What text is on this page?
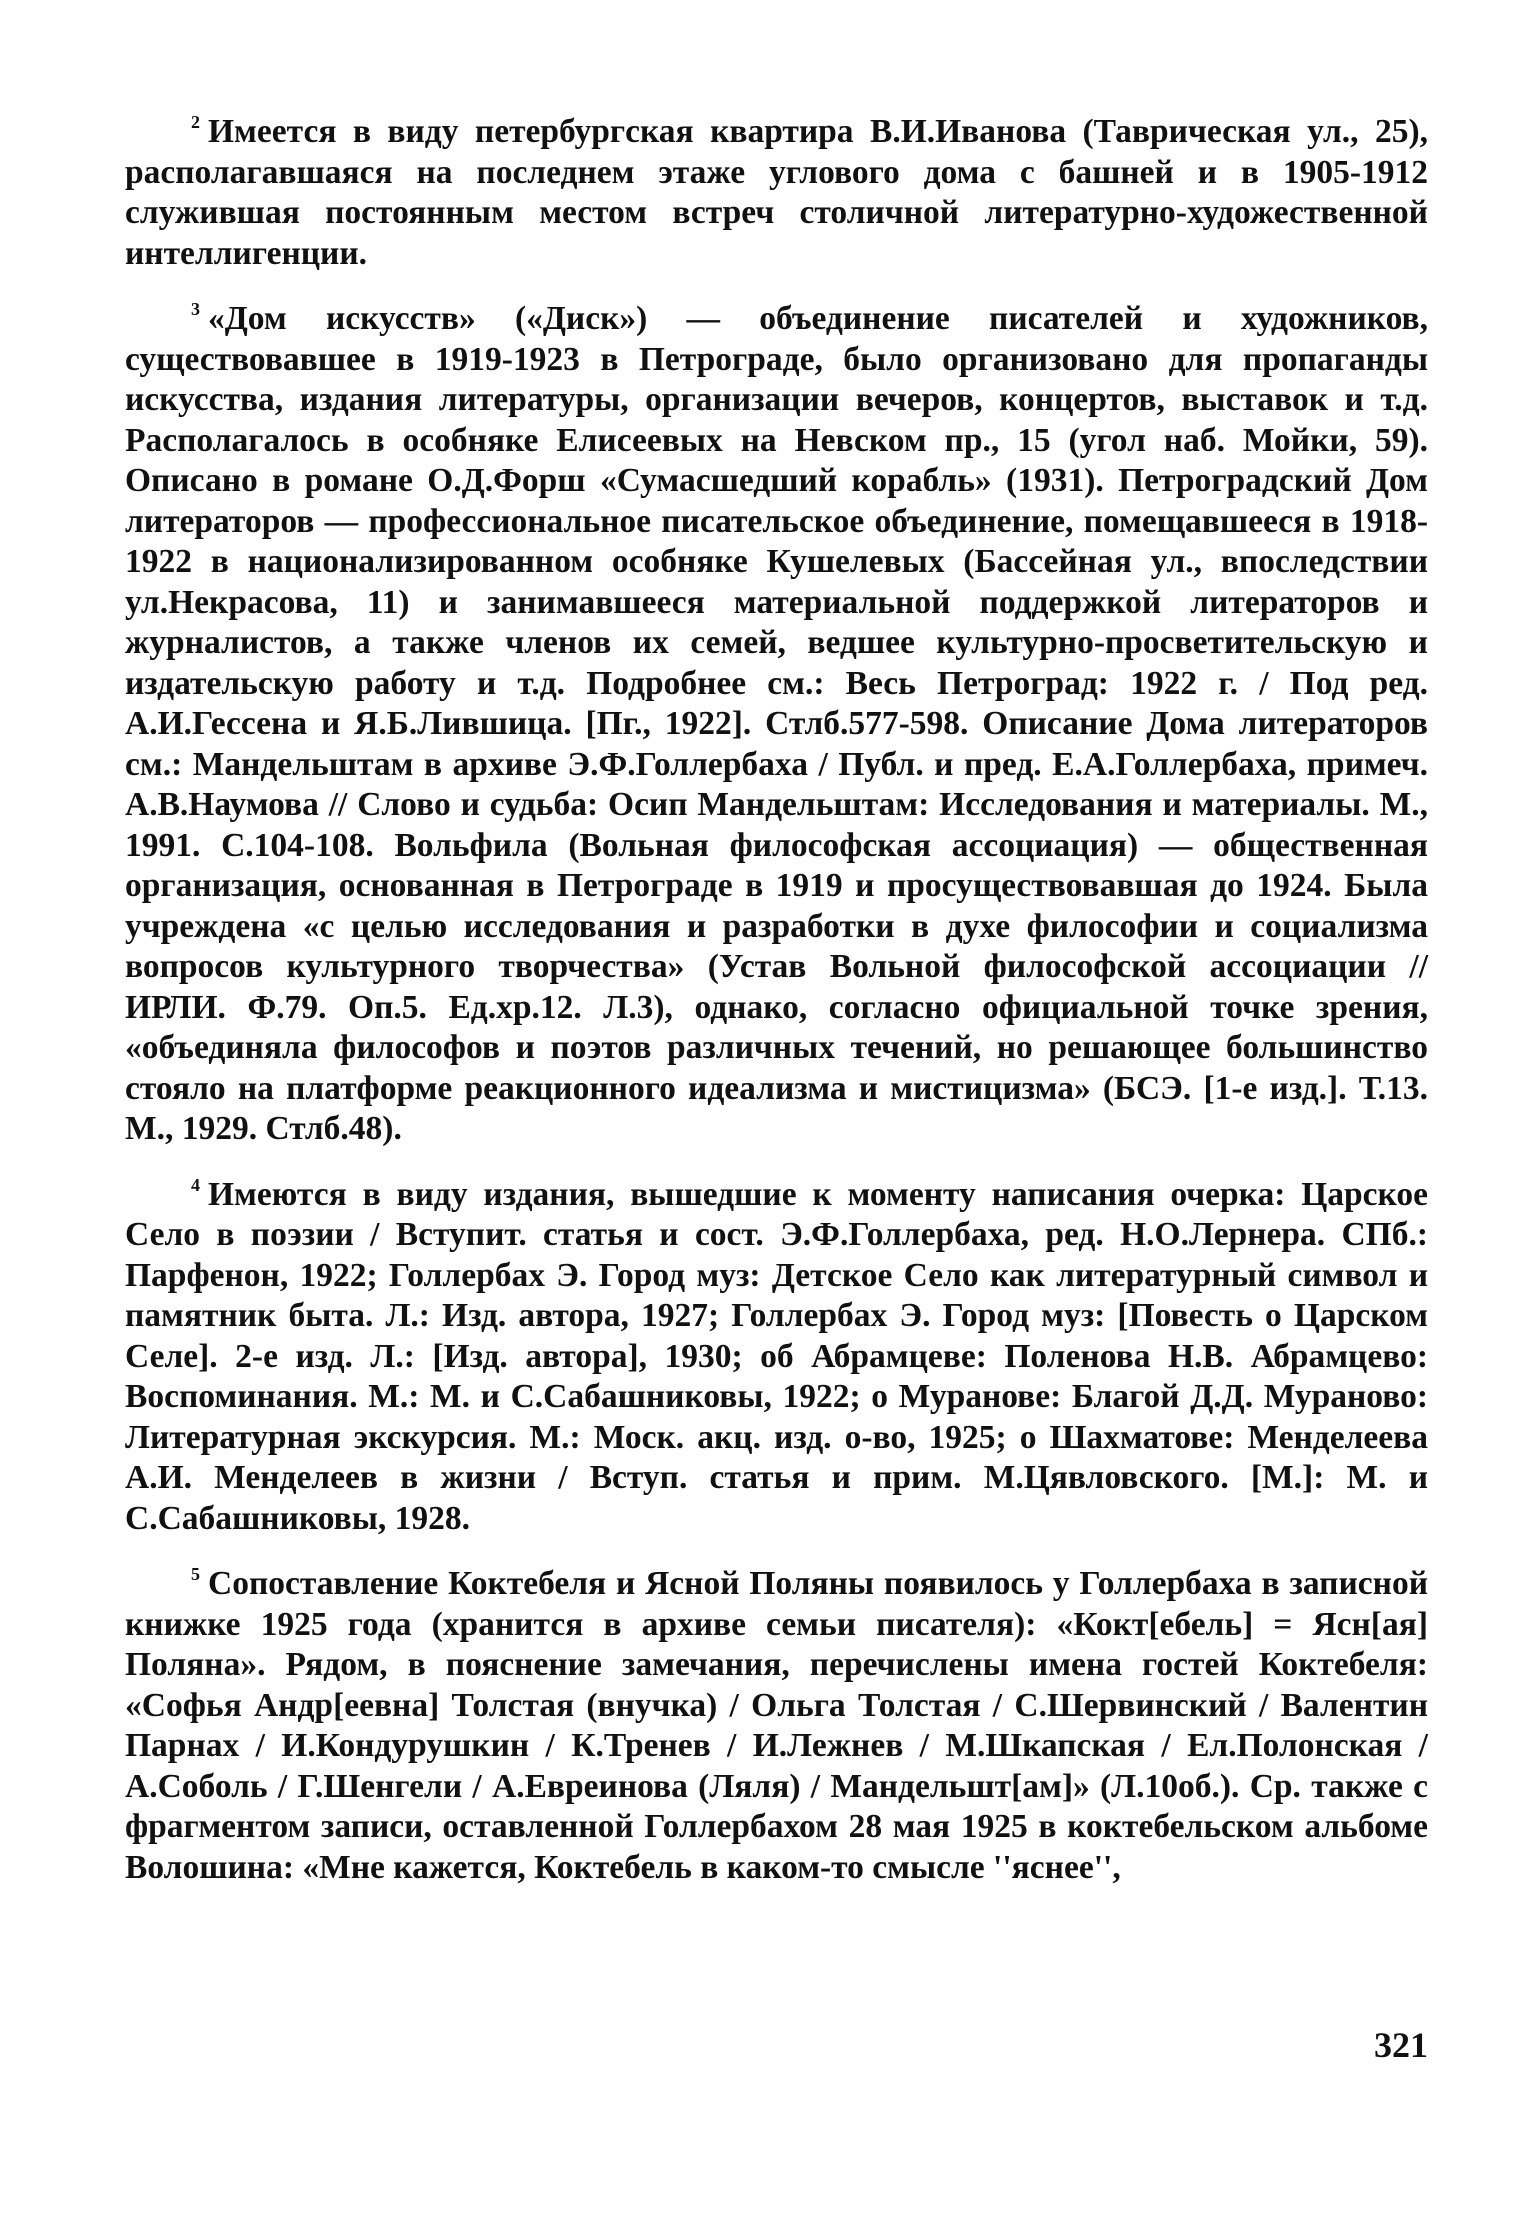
$^2$ Имеется в виду петербургская квартира В.И.Иванова (Таврическая ул., 25), располагавшаяся на последнем этаже углового дома с башней и в 1905-1912 служившая постоянным местом встреч столичной литературно-художественной интеллигенции.

$^3$ «Дом искусств» («Диск») — объединение писателей и художников, существовавшее в 1919-1923 в Петрограде, было организовано для пропаганды искусства, издания литературы, организации вечеров, концертов, выставок и т.д. Располагалось в особняке Елисеевых на Невском пр., 15 (угол наб. Мойки, 59). Описано в романе О.Д.Форш «Сумасшедший корабль» (1931). Петроградский Дом литераторов — профессиональное писательское объединение, помещавшееся в 1918-1922 в национализированном особняке Кушелевых (Бассейная ул., впоследствии ул.Некрасова, 11) и занимавшееся материальной поддержкой литераторов и журналистов, а также членов их семей, ведшее культурно-просветительскую и издательскую работу и т.д. Подробнее см.: Весь Петроград: 1922 г. / Под ред. А.И.Гессена и Я.Б.Лившица. [Пг., 1922]. Стлб.577-598. Описание Дома литераторов см.: Мандельштам в архиве Э.Ф.Голлербаха / Публ. и пред. Е.А.Голлербаха, примеч. А.В.Наумова // Слово и судьба: Осип Мандельштам: Исследования и материалы. М., 1991. С.104-108. Вольфила (Вольная философская ассоциация) — общественная организация, основанная в Петрограде в 1919 и просуществовавшая до 1924. Была учреждена «с целью исследования и разработки в духе философии и социализма вопросов культурного творчества» (Устав Вольной философской ассоциации // ИРЛИ. Ф.79. Оп.5. Ед.хр.12. Л.3), однако, согласно официальной точке зрения, «объединяла философов и поэтов различных течений, но решающее большинство стояло на платформе реакционного идеализма и мистицизма» (БСЭ. [1-е изд.]. Т.13. М., 1929. Стлб.48).

$^4$ Имеются в виду издания, вышедшие к моменту написания очерка: Царское Село в поэзии / Вступит. статья и сост. Э.Ф.Голлербаха, ред. Н.О.Лернера. СПб.: Парфенон, 1922; Голлербах Э. Город муз: Детское Село как литературный символ и памятник быта. Л.: Изд. автора, 1927; Голлербах Э. Город муз: [Повесть о Царском Селе]. 2-е изд. Л.: [Изд. автора], 1930; об Абрамцеве: Поленова Н.В. Абрамцево: Воспоминания. М.: М. и С.Сабашниковы, 1922; о Муранове: Благой Д.Д. Мураново: Литературная экскурсия. М.: Моск. акц. изд. о-во, 1925; о Шахматове: Менделеева А.И. Менделеев в жизни / Вступ. статья и прим. М.Цявловского. [М.]: М. и С.Сабашниковы, 1928.

$^5$ Сопоставление Коктебеля и Ясной Поляны появилось у Голлербаха в записной книжке 1925 года (хранится в архиве семьи писателя): «Кокт[ебель] = Ясн[ая] Поляна». Рядом, в пояснение замечания, перечислены имена гостей Коктебеля: «Софья Андр[еевна] Толстая (внучка) / Ольга Толстая / С.Шервинский / Валентин Парнах / И.Кондурушкин / К.Тренев / И.Лежнев / М.Шкапская / Ел.Полонская / А.Соболь / Г.Шенгели / А.Евреинова (Ляля) / Мандельшт[ам]» (Л.10об.). Ср. также с фрагментом записи, оставленной Голлербахом 28 мая 1925 в коктебельском альбоме Волошина: «Мне кажется, Коктебель в каком-то смысле ''яснее'',

321
